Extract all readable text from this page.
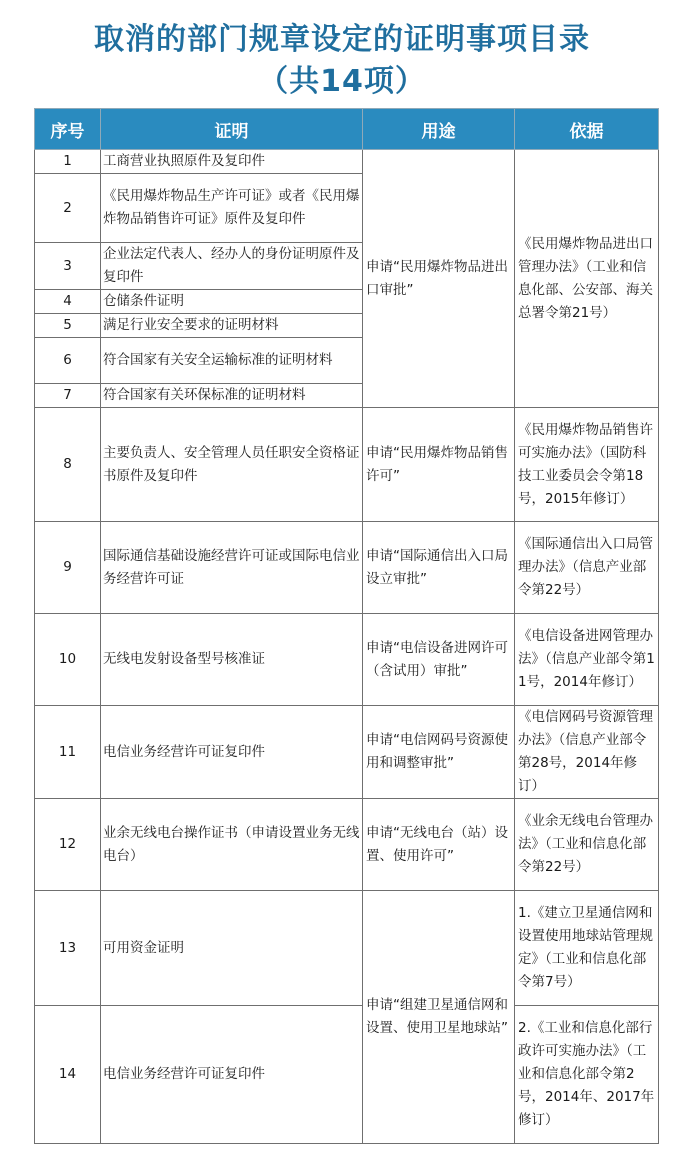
取消的部门规章设定的证明事项目录
（共14项）
序号	证明	用途	依据
1	工商营业执照原件及复印件	申请“民用爆炸物品进出口审批”	《民用爆炸物品进出口管理办法》（工业和信息化部、公安部、海关总署令第21号）
2	《民用爆炸物品生产许可证》或者《民用爆炸物品销售许可证》原件及复印件		
3	企业法定代表人、经办人的身份证明原件及复印件		
4	仓储条件证明		
5	满足行业安全要求的证明材料		
6	符合国家有关安全运输标准的证明材料		
7	符合国家有关环保标准的证明材料		
8	主要负责人、安全管理人员任职安全资格证书原件及复印件	申请“民用爆炸物品销售许可”	《民用爆炸物品销售许可实施办法》（国防科技工业委员会令第18号，2015年修订）
9	国际通信基础设施经营许可证或国际电信业务经营许可证	申请“国际通信出入口局设立审批”	《国际通信出入口局管理办法》（信息产业部令第22号）
10	无线电发射设备型号核准证	申请“电信设备进网许可（含试用）审批”	《电信设备进网管理办法》（信息产业部令第11号，2014年修订）
11	电信业务经营许可证复印件	申请“电信网码号资源使用和调整审批”	《电信网码号资源管理办法》（信息产业部令第28号，2014年修订）
12	业余无线电台操作证书（申请设置业务无线电台）	申请“无线电台（站）设置、使用许可”	《业余无线电台管理办法》（工业和信息化部令第22号）
13	可用资金证明	申请“组建卫星通信网和设置、使用卫星地球站”	1.《建立卫星通信网和设置使用地球站管理规定》（工业和信息化部令第7号）
14	电信业务经营许可证复印件		2.《工业和信息化部行政许可实施办法》（工业和信息化部令第2号，2014年、2017年修订）
